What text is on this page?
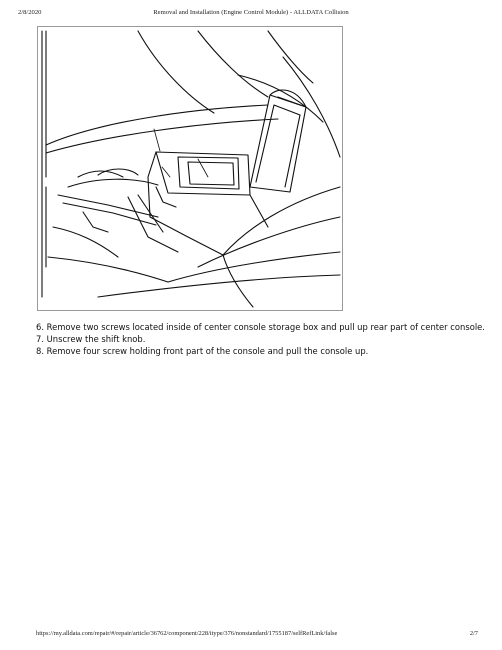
2/8/2020	Removal and Installation (Engine Control Module) - ALLDATA Collision
6. Remove two screws located inside of center console storage box and pull up rear part of center console.
7. Unscrew the shift knob.
8. Remove four screw holding front part of the console and pull the console up.
https://my.alldata.com/repair/#/repair/article/36762/component/228/itype/376/nonstandard/1755187/selfRefLink/false	2/7
